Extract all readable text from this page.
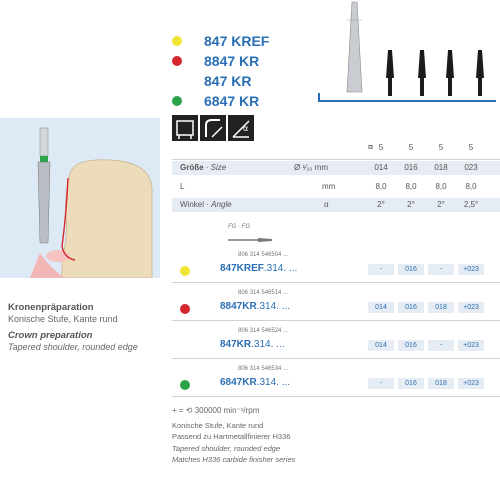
847 KREF
8847 KR
847 KR
6847 KR
α
⧈ 5	5	5	5
Größe · Size	Ø ¹⁄₁₀ mm	014	016	018	023
L	mm	8,0	8,0	8,0	8,0
Winkel · Angle	α	2°	2°	2°	2,5°
FG · FG
806 314 546504 ...
847KREF.314. ...	-	016	-	+023
806 314 546514 ...
8847KR.314. ...	014	016	018	+023
806 314 546524 ...
847KR.314. ...	014	016	-	+023
806 314 546534 ...
6847KR.314. ...	-	016	018	+023
Kronenpräparation
Konische Stufe, Kante rund
Crown preparation
Tapered shoulder, rounded edge
+ = ⟲ 300000 min⁻¹/rpm
Konische Stufe, Kante rund
Passend zu Hartmetallfinierer H336
Tapered shoulder, rounded edge
Matches H336 carbide finisher series
